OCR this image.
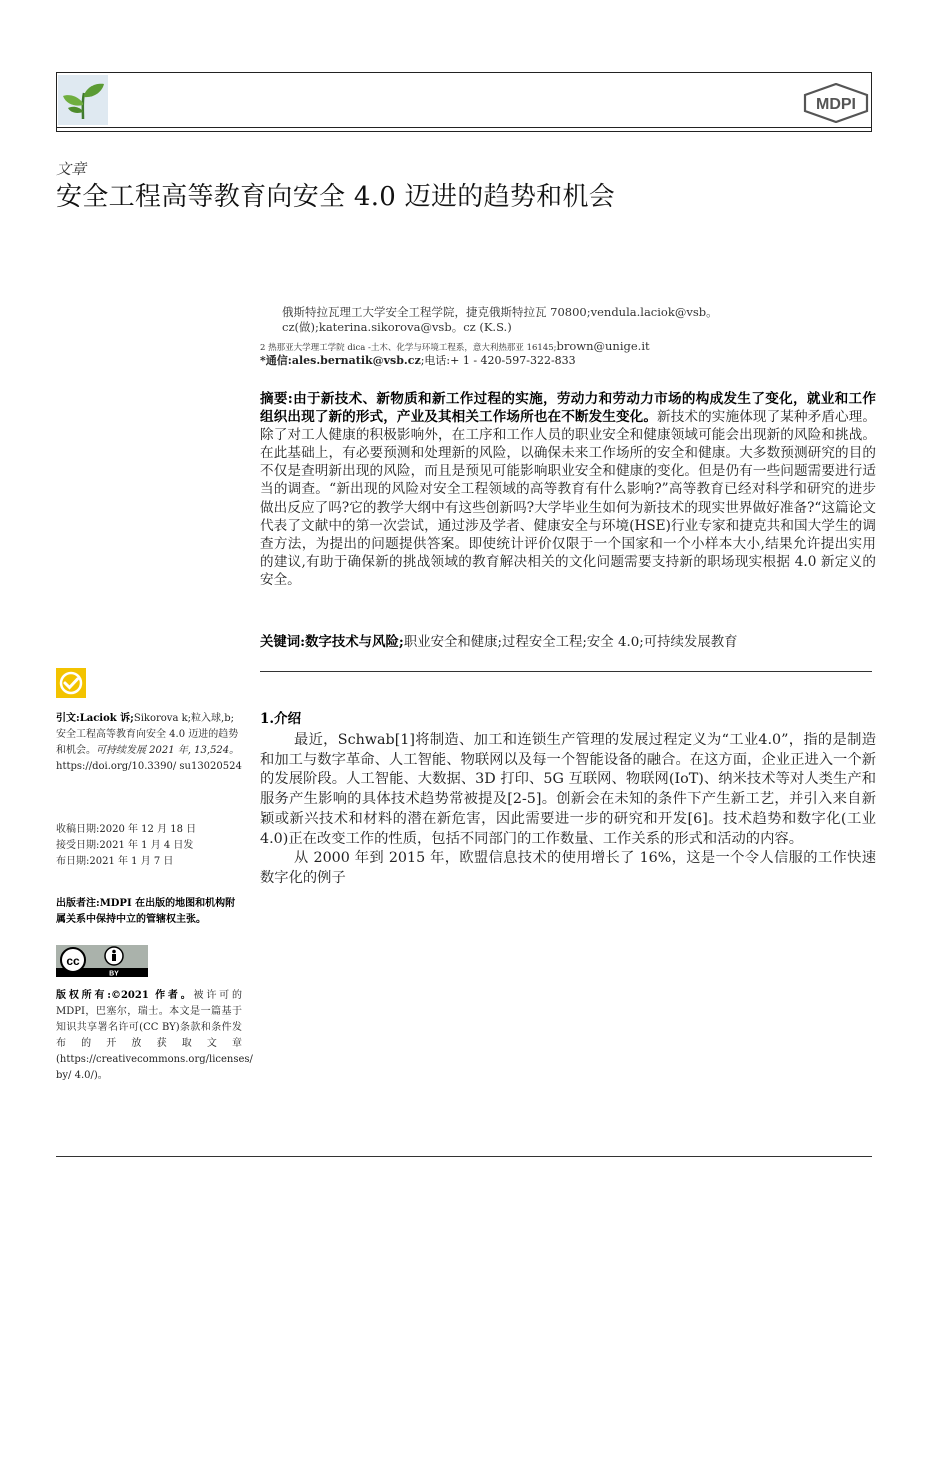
MDPI
文章
安全工程高等教育向安全 4.0 迈进的趋势和机会
俄斯特拉瓦理工大学安全工程学院，捷克俄斯特拉瓦 70800;vendula.laciok@vsb。
cz(做);katerina.sikorova@vsb。cz (K.S.)
2 热那亚大学理工学院 dica -土木、化学与环境工程系，意大利热那亚 16145;brown@unige.it
*通信:ales.bernatik@vsb.cz;电话:+ 1 - 420-597-322-833
摘要:由于新技术、新物质和新工作过程的实施，劳动力和劳动力市场的构成发生了变化，就业和工作组织出现了新的形式，产业及其相关工作场所也在不断发生变化。新技术的实施体现了某种矛盾心理。除了对工人健康的积极影响外，在工序和工作人员的职业安全和健康领域可能会出现新的风险和挑战。在此基础上，有必要预测和处理新的风险，以确保未来工作场所的安全和健康。大多数预测研究的目的不仅是查明新出现的风险，而且是预见可能影响职业安全和健康的变化。但是仍有一些问题需要进行适当的调查。“新出现的风险对安全工程领域的高等教育有什么影响?”高等教育已经对科学和研究的进步做出反应了吗?它的教学大纲中有这些创新吗?大学毕业生如何为新技术的现实世界做好准备?“这篇论文代表了文献中的第一次尝试，通过涉及学者、健康安全与环境(HSE)行业专家和捷克共和国大学生的调查方法，为提出的问题提供答案。即使统计评价仅限于一个国家和一个小样本大小,结果允许提出实用的建议,有助于确保新的挑战领域的教育解决相关的文化问题需要支持新的职场现实根据 4.0 新定义的安全。
关键词:数字技术与风险;职业安全和健康;过程安全工程;安全 4.0;可持续发展教育
引文:Laciok 诉;Sikorova k;粒入球,b;安全工程高等教育向安全 4.0 迈进的趋势和机会。可持续发展 2021 年, 13,524。https://doi.org/10.3390/ su13020524
收稿日期:2020 年 12 月 18 日
接受日期:2021 年 1 月 4 日发
布日期:2021 年 1 月 7 日
出版者注:MDPI 在出版的地图和机构附属关系中保持中立的管辖权主张。
cc
BY
版权所有:©2021 作者。被许可的 MDPI，巴塞尔，瑞士。本文是一篇基于知识共享署名许可(CC BY)条款和条件发布的开放获取文章 (https://creativecommons.org/licenses/ by/ 4.0/)。
1.介绍

最近，Schwab[1]将制造、加工和连锁生产管理的发展过程定义为“工业4.0”，指的是制造和加工与数字革命、人工智能、物联网以及每一个智能设备的融合。在这方面，企业正进入一个新的发展阶段。人工智能、大数据、3D 打印、5G 互联网、物联网(IoT)、纳米技术等对人类生产和服务产生影响的具体技术趋势常被提及[2-5]。创新会在未知的条件下产生新工艺，并引入来自新颖或新兴技术和材料的潜在新危害，因此需要进一步的研究和开发[6]。技术趋势和数字化(工业 4.0)正在改变工作的性质，包括不同部门的工作数量、工作关系的形式和活动的内容。

从 2000 年到 2015 年，欧盟信息技术的使用增长了 16%，这是一个令人信服的工作快速数字化的例子
